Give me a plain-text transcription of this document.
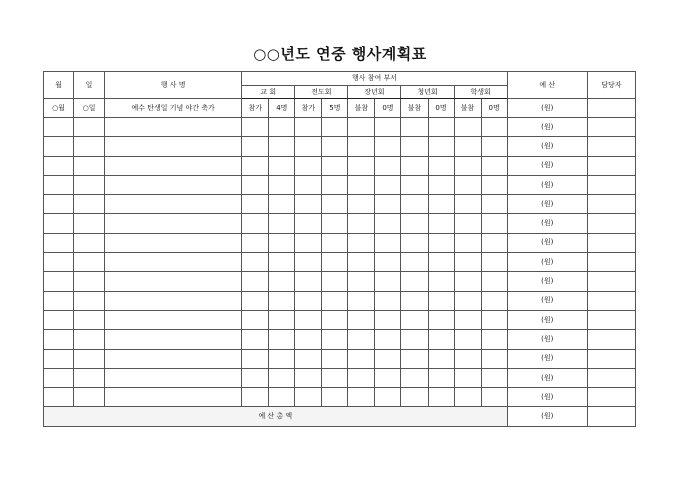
○○년도 연중 행사계획표
월	일	행 사 명	행사 참여 부서										예 산	담당자
			교 회		전도회		장년회		청년회		학생회			
○월	○일	예수 탄생일 기념 야간 축가	참가	4명	참가	5명	불참	0명	불참	0명	불참	0명	(원)	
													(원)	
													(원)	
													(원)	
													(원)	
													(원)	
													(원)	
													(원)	
													(원)	
													(원)	
													(원)	
													(원)	
													(원)	
													(원)	
													(원)	
													(원)	
예 산 총 액													(원)	
